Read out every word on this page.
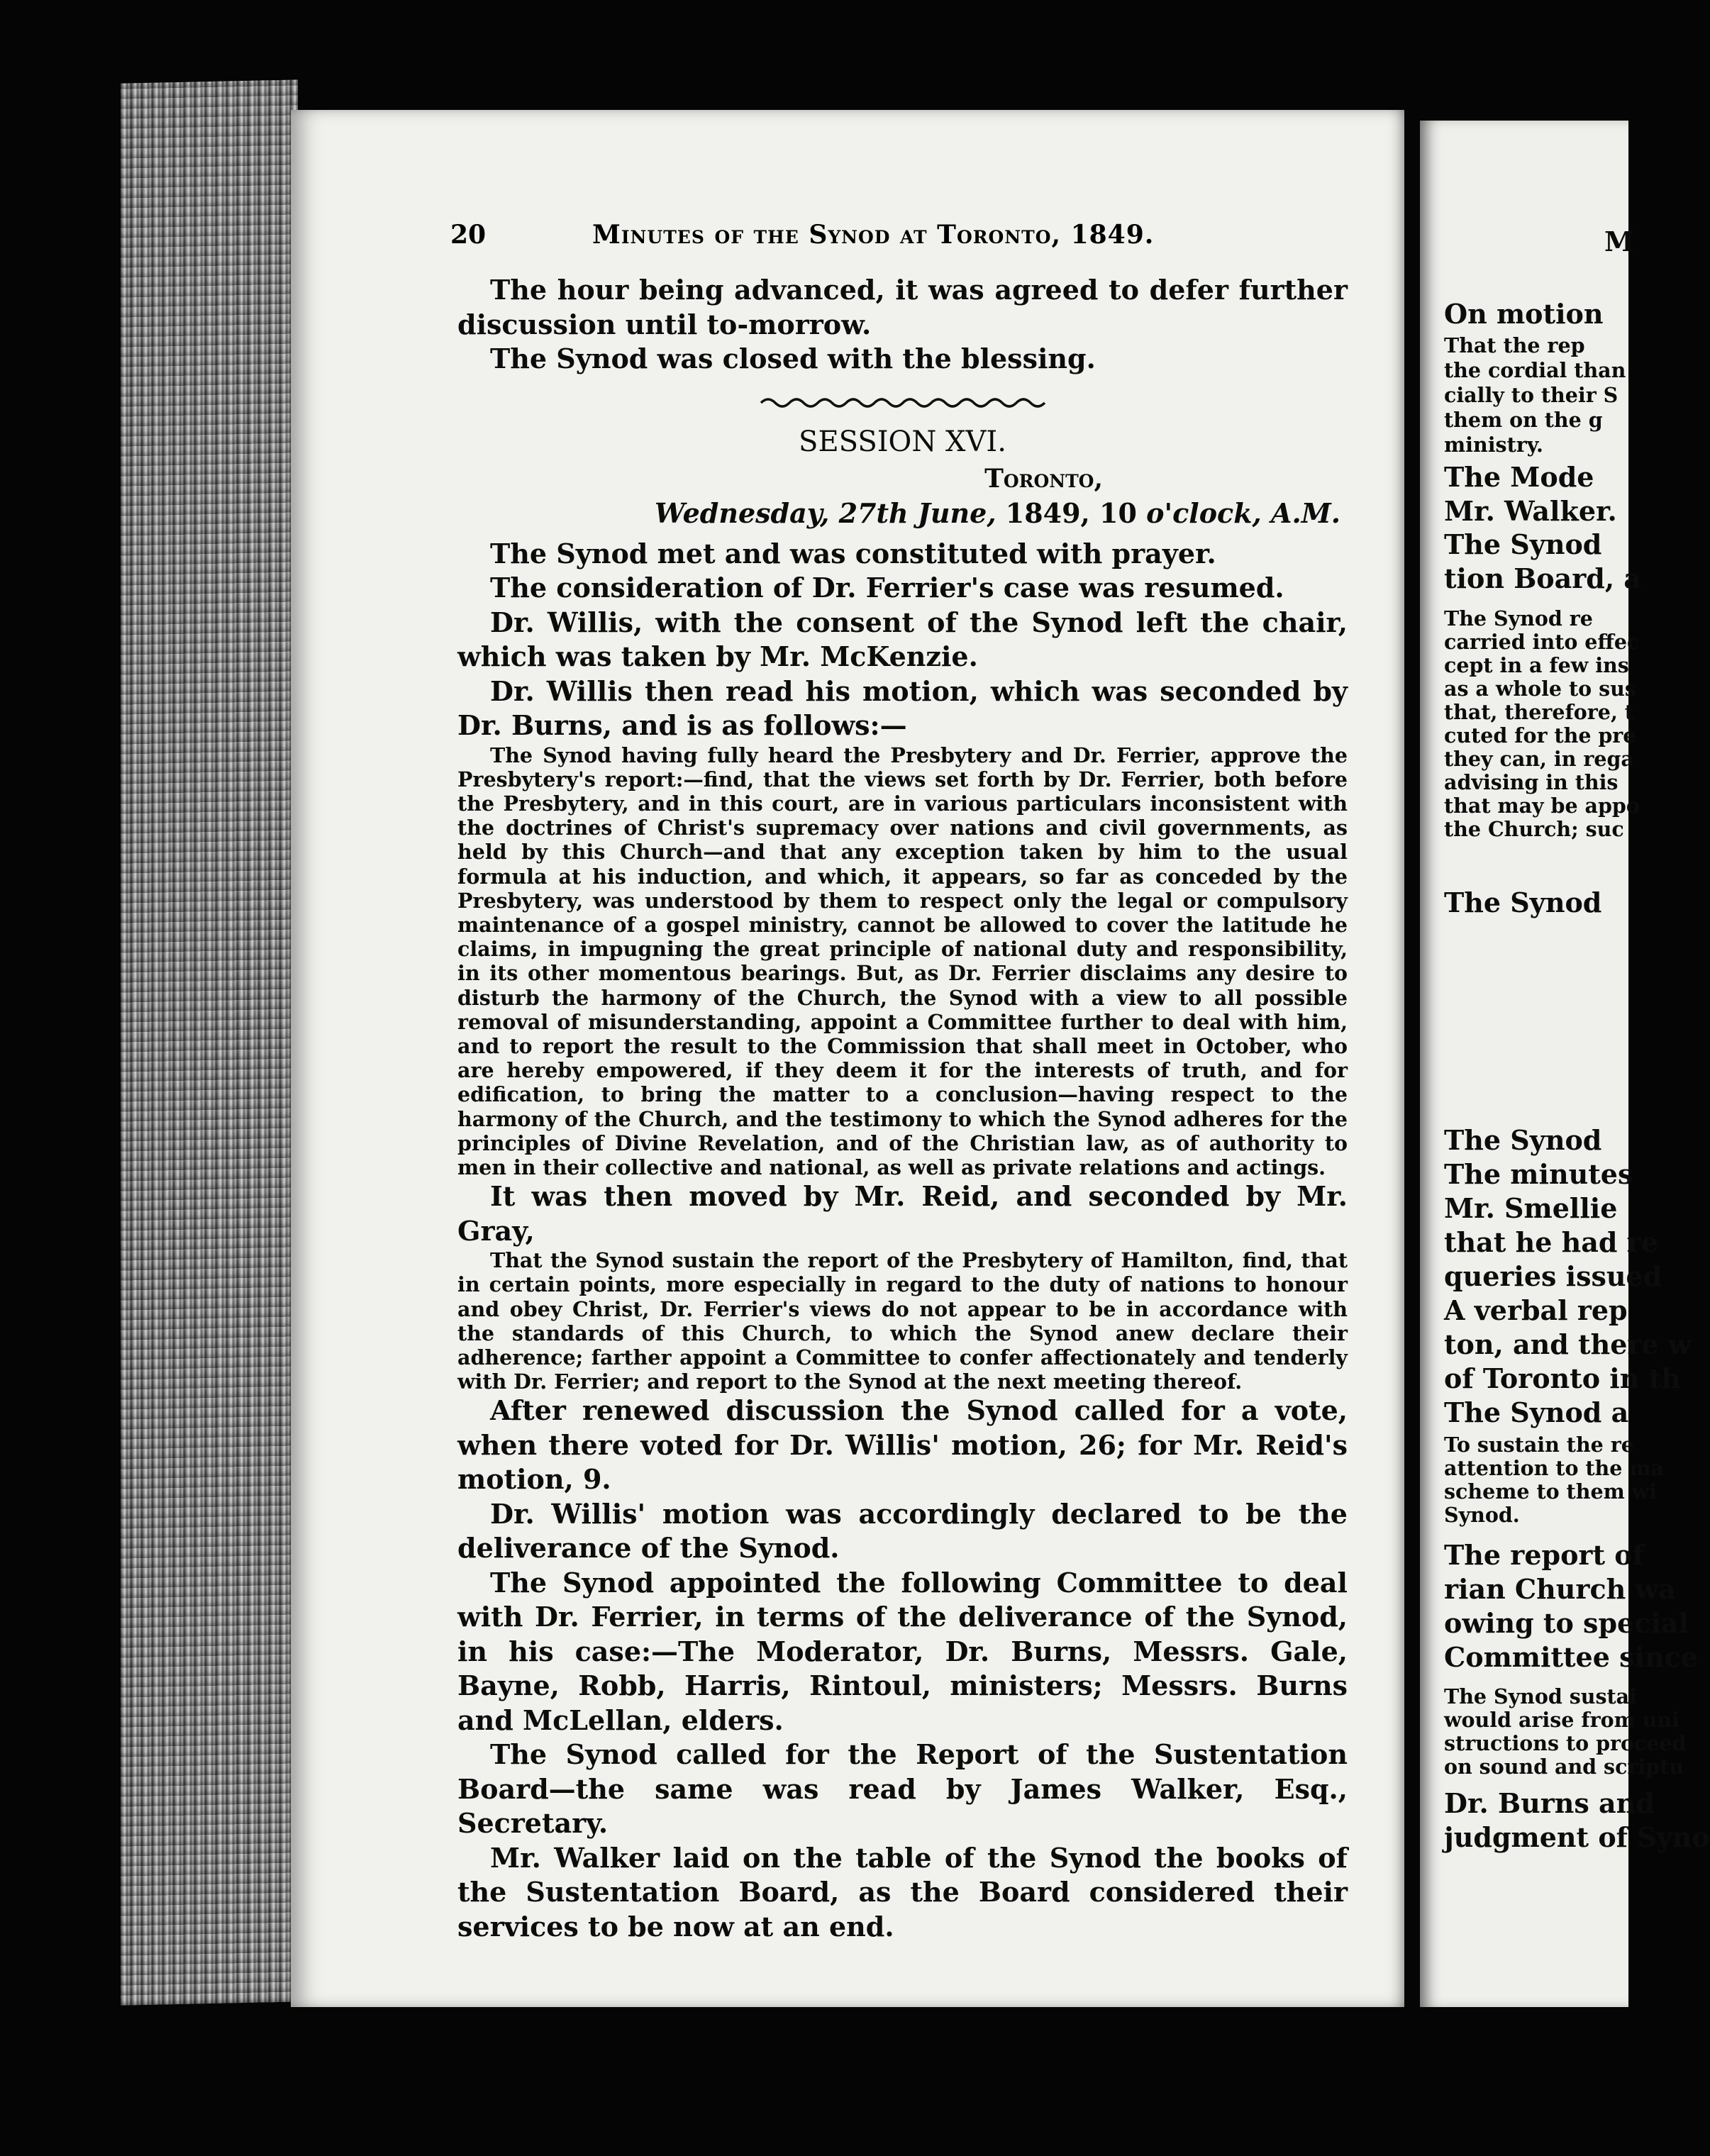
20	Minutes of the Synod at Toronto, 1849.

The hour being advanced, it was agreed to defer further discussion until to-morrow.

The Synod was closed with the blessing.

SESSION XVI.

Toronto,

Wednesday, 27th June, 1849, 10 o'clock, A.M.

The Synod met and was constituted with prayer.

The consideration of Dr. Ferrier's case was resumed.

Dr. Willis, with the consent of the Synod left the chair, which was taken by Mr. McKenzie.

Dr. Willis then read his motion, which was seconded by Dr. Burns, and is as follows:—

The Synod having fully heard the Presbytery and Dr. Ferrier, approve the Presbytery's report:—find, that the views set forth by Dr. Ferrier, both before the Presbytery, and in this court, are in various particulars inconsistent with the doctrines of Christ's supremacy over nations and civil governments, as held by this Church—and that any exception taken by him to the usual formula at his induction, and which, it appears, so far as conceded by the Presbytery, was understood by them to respect only the legal or compulsory maintenance of a gospel ministry, cannot be allowed to cover the latitude he claims, in impugning the great principle of national duty and responsibility, in its other momentous bearings. But, as Dr. Ferrier disclaims any desire to disturb the harmony of the Church, the Synod with a view to all possible removal of misunderstanding, appoint a Committee further to deal with him, and to report the result to the Commission that shall meet in October, who are hereby empowered, if they deem it for the interests of truth, and for edification, to bring the matter to a conclusion—having respect to the harmony of the Church, and the testimony to which the Synod adheres for the principles of Divine Revelation, and of the Christian law, as of authority to men in their collective and national, as well as private relations and actings.

It was then moved by Mr. Reid, and seconded by Mr. Gray,

That the Synod sustain the report of the Presbytery of Hamilton, find, that in certain points, more especially in regard to the duty of nations to honour and obey Christ, Dr. Ferrier's views do not appear to be in accordance with the standards of this Church, to which the Synod anew declare their adherence; farther appoint a Committee to confer affectionately and tenderly with Dr. Ferrier; and report to the Synod at the next meeting thereof.

After renewed discussion the Synod called for a vote, when there voted for Dr. Willis' motion, 26; for Mr. Reid's motion, 9.

Dr. Willis' motion was accordingly declared to be the deliverance of the Synod.

The Synod appointed the following Committee to deal with Dr. Ferrier, in terms of the deliverance of the Synod, in his case:—The Moderator, Dr. Burns, Messrs. Gale, Bayne, Robb, Harris, Rintoul, ministers; Messrs. Burns and McLellan, elders.

The Synod called for the Report of the Sustentation Board—the same was read by James Walker, Esq., Secretary.

Mr. Walker laid on the table of the Synod the books of the Sustentation Board, as the Board considered their services to be now at an end.

M
On motion
That the rep
the cordial than
cially to their S
them on the g
ministry.
The Mode
Mr. Walker.
The Synod
tion Board, a
The Synod re
carried into effec
cept in a few ins
as a whole to sus
that, therefore, t
cuted for the pre
they can, in rega
advising in this
that may be appo
the Church; suc
The Synod
The Synod
The minutes
Mr. Smellie
that he had re
queries issued
A verbal rep
ton, and there w
of Toronto in th
The Synod a
To sustain the re
attention to the ma
scheme to them wi
Synod.
The report of
rian Church wa
owing to special
Committee since
The Synod sustai
would arise from uni
structions to proceed
on sound and scriptu
Dr. Burns and
judgment of Syno
